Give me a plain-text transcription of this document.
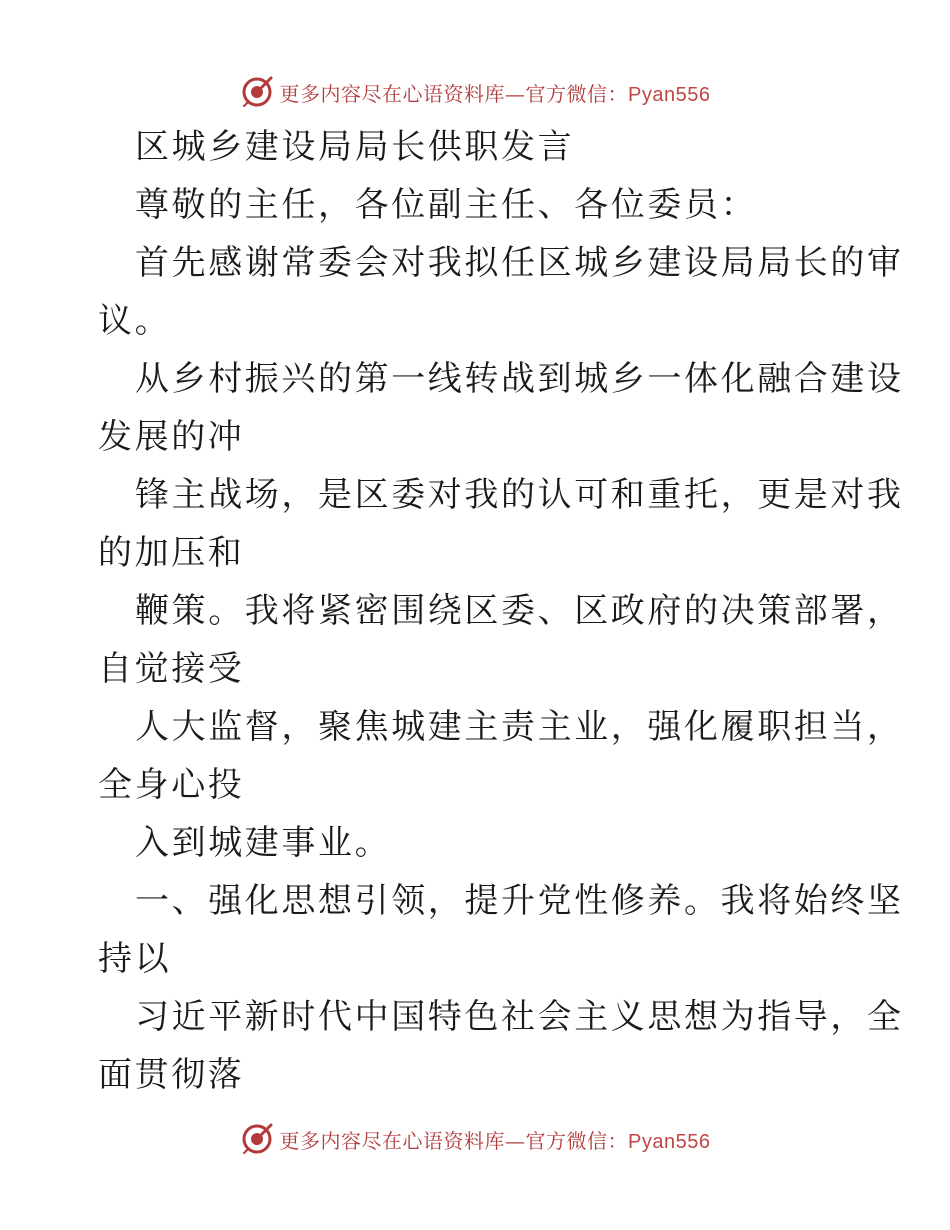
更多内容尽在心语资料库—官方微信：Pyan556
区城乡建设局局长供职发言
尊敬的主任，各位副主任、各位委员：
首先感谢常委会对我拟任区城乡建设局局长的审
议。
从乡村振兴的第一线转战到城乡一体化融合建设
发展的冲
锋主战场，是区委对我的认可和重托，更是对我
的加压和
鞭策。我将紧密围绕区委、区政府的决策部署，
自觉接受
人大监督，聚焦城建主责主业，强化履职担当，
全身心投
入到城建事业。
一、强化思想引领，提升党性修养。我将始终坚
持以
习近平新时代中国特色社会主义思想为指导，全
面贯彻落
更多内容尽在心语资料库—官方微信：Pyan556
